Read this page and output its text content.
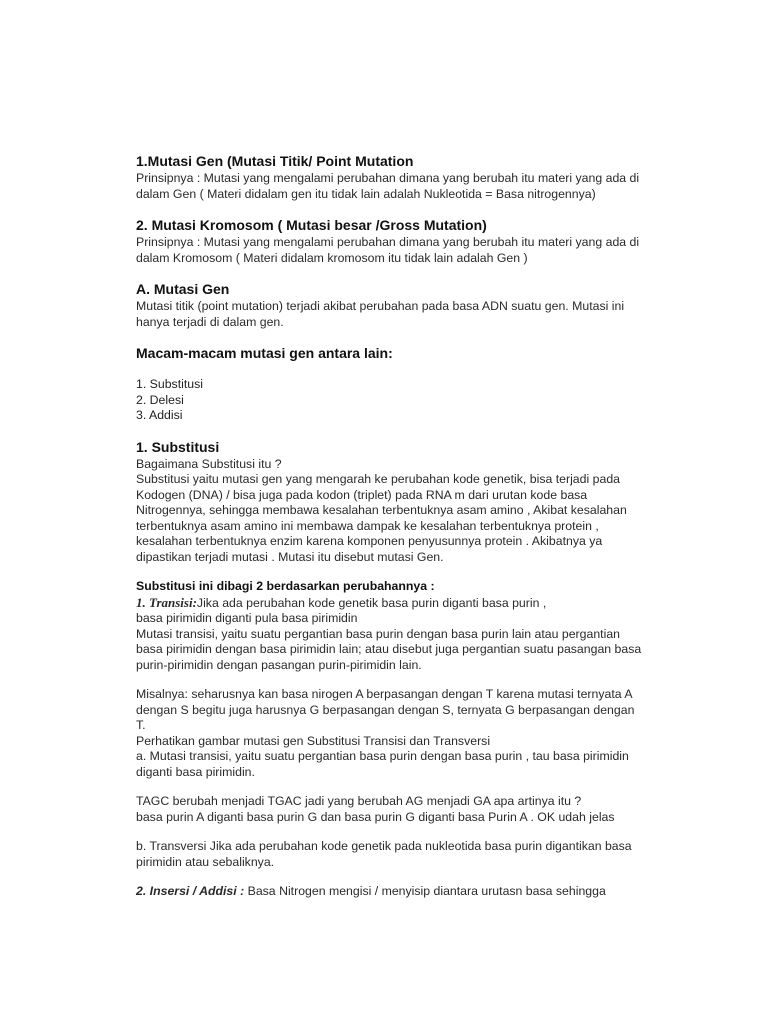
1.Mutasi Gen (Mutasi Titik/ Point Mutation

Prinsipnya : Mutasi yang mengalami perubahan dimana yang berubah itu materi yang ada di

dalam Gen ( Materi didalam gen itu tidak lain adalah Nukleotida = Basa nitrogennya)

2. Mutasi Kromosom ( Mutasi besar /Gross Mutation)

Prinsipnya : Mutasi yang mengalami perubahan dimana yang berubah itu materi yang ada di

dalam Kromosom ( Materi didalam kromosom itu tidak lain adalah Gen )

A. Mutasi Gen

Mutasi titik (point mutation) terjadi akibat perubahan pada basa ADN suatu gen. Mutasi ini

hanya terjadi di dalam gen.

Macam-macam mutasi gen antara lain:

1. Substitusi

2. Delesi

3. Addisi

1. Substitusi

Bagaimana Substitusi itu ?

Substitusi yaitu mutasi gen yang mengarah ke perubahan kode genetik, bisa terjadi pada

Kodogen (DNA) / bisa juga pada kodon (triplet) pada RNA m dari urutan kode basa

Nitrogennya, sehingga membawa kesalahan terbentuknya asam amino , Akibat kesalahan

terbentuknya asam amino ini membawa dampak ke kesalahan terbentuknya protein ,

kesalahan terbentuknya enzim karena komponen penyusunnya protein . Akibatnya ya

dipastikan terjadi mutasi . Mutasi itu disebut mutasi Gen.

Substitusi ini dibagi 2 berdasarkan perubahannya :

1. Transisi:Jika ada perubahan kode genetik basa purin diganti basa purin ,

basa pirimidin diganti pula basa pirimidin

Mutasi transisi, yaitu suatu pergantian basa purin dengan basa purin lain atau pergantian

basa pirimidin dengan basa pirimidin lain; atau disebut juga pergantian suatu pasangan basa

purin-pirimidin dengan pasangan purin-pirimidin lain.

Misalnya: seharusnya kan basa nirogen A berpasangan dengan T karena mutasi ternyata A

dengan S begitu juga harusnya G berpasangan dengan S, ternyata G berpasangan dengan

T.

Perhatikan gambar mutasi gen Substitusi Transisi dan Transversi

a. Mutasi transisi, yaitu suatu pergantian basa purin dengan basa purin , tau basa pirimidin

diganti basa pirimidin.

TAGC berubah menjadi TGAC jadi yang berubah AG menjadi GA apa artinya itu ?

basa purin A diganti basa purin G dan basa purin G diganti basa Purin A . OK udah jelas

b. Transversi Jika ada perubahan kode genetik pada nukleotida basa purin digantikan basa

pirimidin atau sebaliknya.

2. Insersi / Addisi : Basa Nitrogen mengisi / menyisip diantara urutasn basa sehingga
